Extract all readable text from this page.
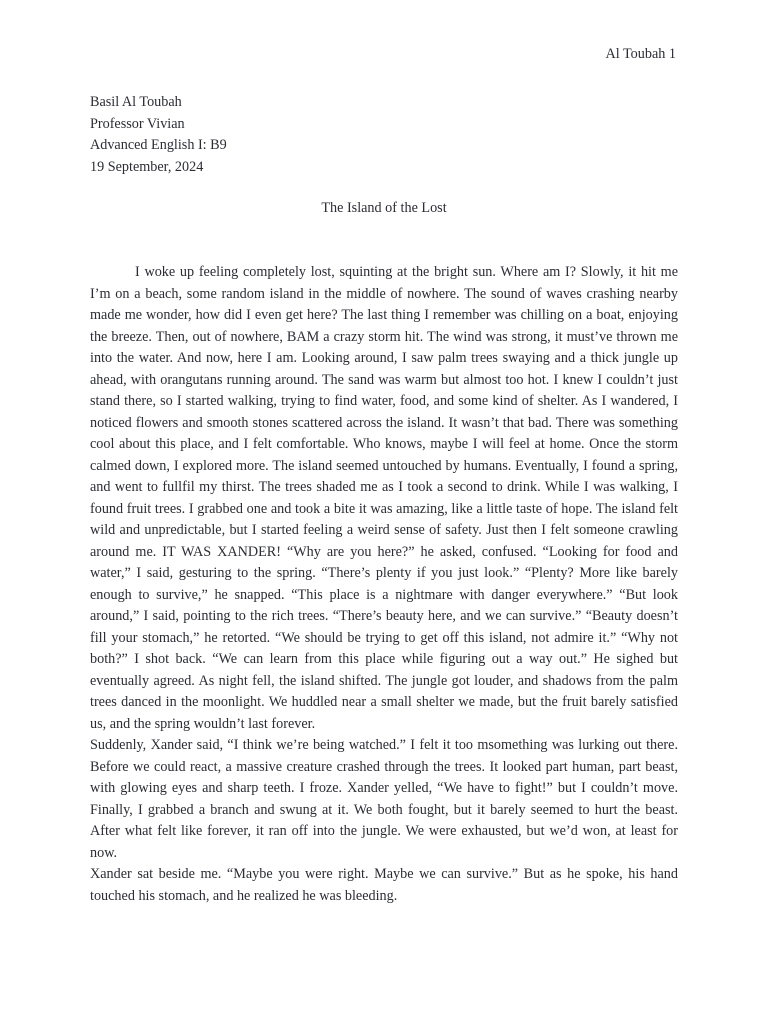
Al Toubah 1
Basil Al Toubah
Professor Vivian
Advanced English I: B9
19 September, 2024
The Island of the Lost

I woke up feeling completely lost, squinting at the bright sun. Where am I? Slowly, it hit me I’m on a beach, some random island in the middle of nowhere. The sound of waves crashing nearby made me wonder, how did I even get here? The last thing I remember was chilling on a boat, enjoying the breeze. Then, out of nowhere, BAM a crazy storm hit. The wind was strong, it must’ve thrown me into the water. And now, here I am. Looking around, I saw palm trees swaying and a thick jungle up ahead, with orangutans running around. The sand was warm but almost too hot. I knew I couldn’t just stand there, so I started walking, trying to find water, food, and some kind of shelter. As I wandered, I noticed flowers and smooth stones scattered across the island. It wasn’t that bad. There was something cool about this place, and I felt comfortable. Who knows, maybe I will feel at home. Once the storm calmed down, I explored more. The island seemed untouched by humans. Eventually, I found a spring, and went to fullfil my thirst. The trees shaded me as I took a second to drink. While I was walking, I found fruit trees. I grabbed one and took a bite it was amazing, like a little taste of hope. The island felt wild and unpredictable, but I started feeling a weird sense of safety. Just then I felt someone crawling around me. IT WAS XANDER! “Why are you here?” he asked, confused. “Looking for food and water,” I said, gesturing to the spring. “There’s plenty if you just look.” “Plenty? More like barely enough to survive,” he snapped. “This place is a nightmare with danger everywhere.” “But look around,” I said, pointing to the rich trees. “There’s beauty here, and we can survive.” “Beauty doesn’t fill your stomach,” he retorted. “We should be trying to get off this island, not admire it.” “Why not both?” I shot back. “We can learn from this place while figuring out a way out.” He sighed but eventually agreed. As night fell, the island shifted. The jungle got louder, and shadows from the palm trees danced in the moonlight. We huddled near a small shelter we made, but the fruit barely satisfied us, and the spring wouldn’t last forever.

Suddenly, Xander said, “I think we’re being watched.” I felt it too msomething was lurking out there. Before we could react, a massive creature crashed through the trees. It looked part human, part beast, with glowing eyes and sharp teeth. I froze. Xander yelled, “We have to fight!” but I couldn’t move. Finally, I grabbed a branch and swung at it. We both fought, but it barely seemed to hurt the beast. After what felt like forever, it ran off into the jungle. We were exhausted, but we’d won, at least for now.

Xander sat beside me. “Maybe you were right. Maybe we can survive.” But as he spoke, his hand touched his stomach, and he realized he was bleeding.
